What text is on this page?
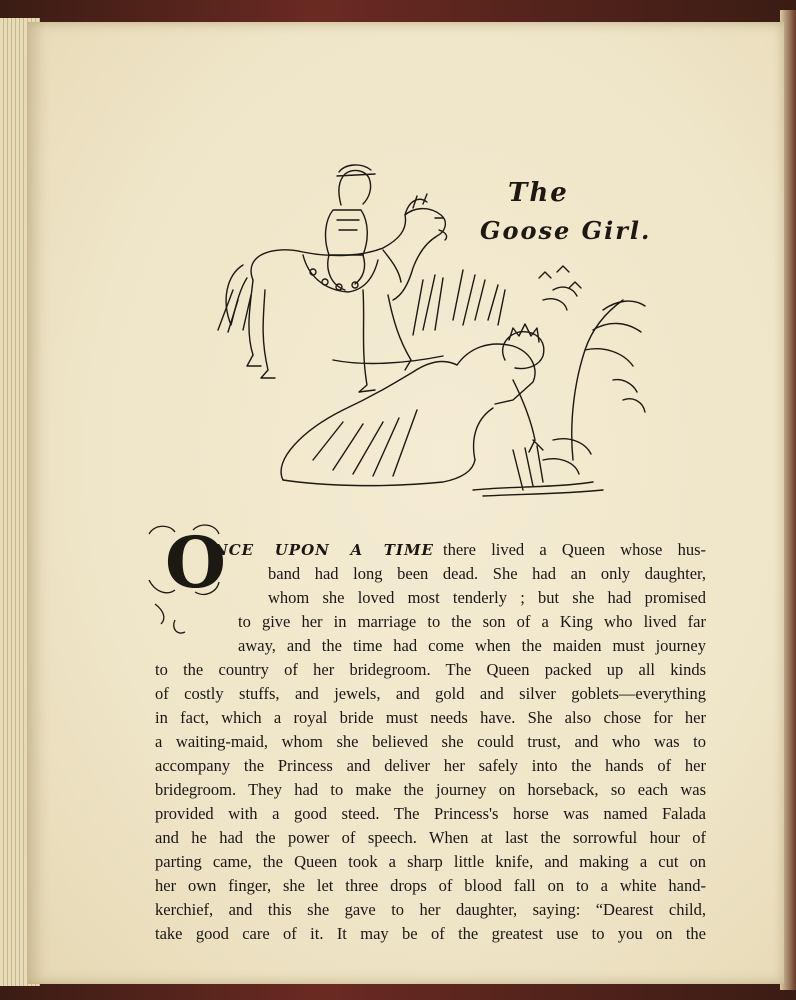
The
Goose Girl.
O
NCE UPON A TIME there lived a Queen whose hus-
band had long been dead. She had an only daughter,
whom she loved most tenderly ; but she had promised
to give her in marriage to the son of a King who lived far
away, and the time had come when the maiden must journey
to the country of her bridegroom. The Queen packed up all kinds
of costly stuffs, and jewels, and gold and silver goblets—everything
in fact, which a royal bride must needs have. She also chose for her
a waiting-maid, whom she believed she could trust, and who was to
accompany the Princess and deliver her safely into the hands of her
bridegroom. They had to make the journey on horseback, so each was
provided with a good steed. The Princess's horse was named Falada
and he had the power of speech. When at last the sorrowful hour of
parting came, the Queen took a sharp little knife, and making a cut on
her own finger, she let three drops of blood fall on to a white hand-
kerchief, and this she gave to her daughter, saying: “Dearest child,
take good care of it. It may be of the greatest use to you on the
